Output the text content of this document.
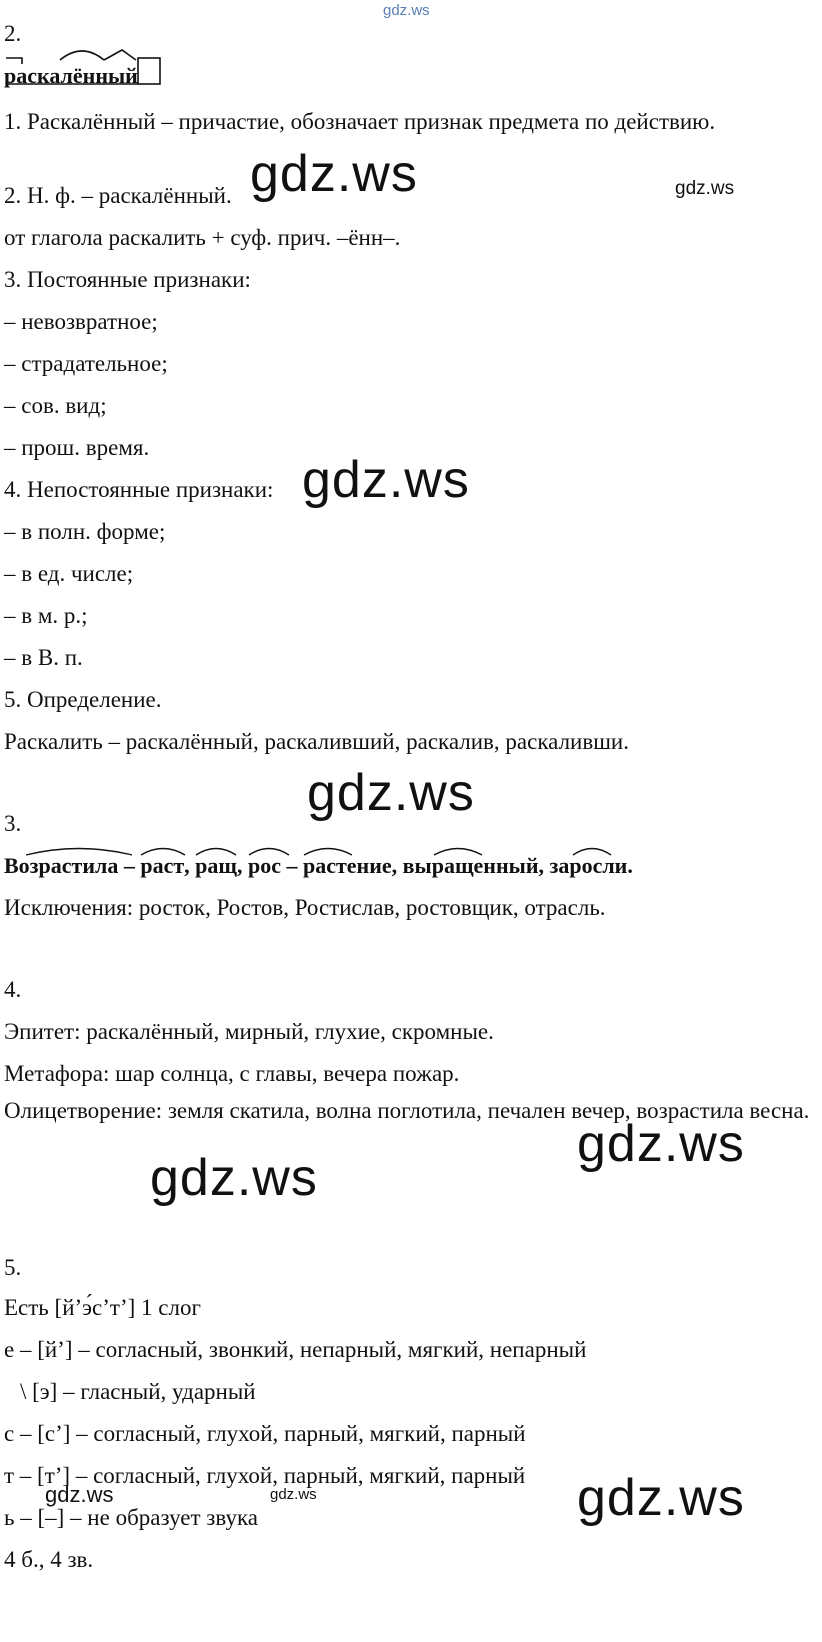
gdz.ws
2.
раскалённый
1. Раскалённый – причастие, обозначает признак предмета по действию.
2. Н. ф. – раскалённый.
от глагола раскалить + суф. прич. –ённ–.
3. Постоянные признаки:
– невозвратное;
– страдательное;
– сов. вид;
– прош. время.
4. Непостоянные признаки:
– в полн. форме;
– в ед. числе;
– в м. р.;
– в В. п.
5. Определение.
Раскалить – раскалённый, раскаливший, раскалив, раскаливши.
3.
Возрастила
– раст
, ращ
, рос
– растение
, выращенный
, заросли
.
Исключения: росток, Ростов, Ростислав, ростовщик, отрасль.
4.
Эпитет: раскалённый, мирный, глухие, скромные.
Метафора: шар солнца, с главы, вечера пожар.
Олицетворение: земля скатила, волна поглотила, печален вечер, возрастила весна.
5.
Есть [й’э́с’т’] 1 слог
е – [й’] – согласный, звонкий, непарный, мягкий, непарный
\ [э] – гласный, ударный
с – [с’] – согласный, глухой, парный, мягкий, парный
т – [т’] – согласный, глухой, парный, мягкий, парный
ь – [–] – не образует звука
4 б., 4 зв.
gdz.ws	gdz.ws
gdz.ws
gdz.ws
gdz.ws
gdz.ws
gdz.ws	gdz.ws	gdz.ws
